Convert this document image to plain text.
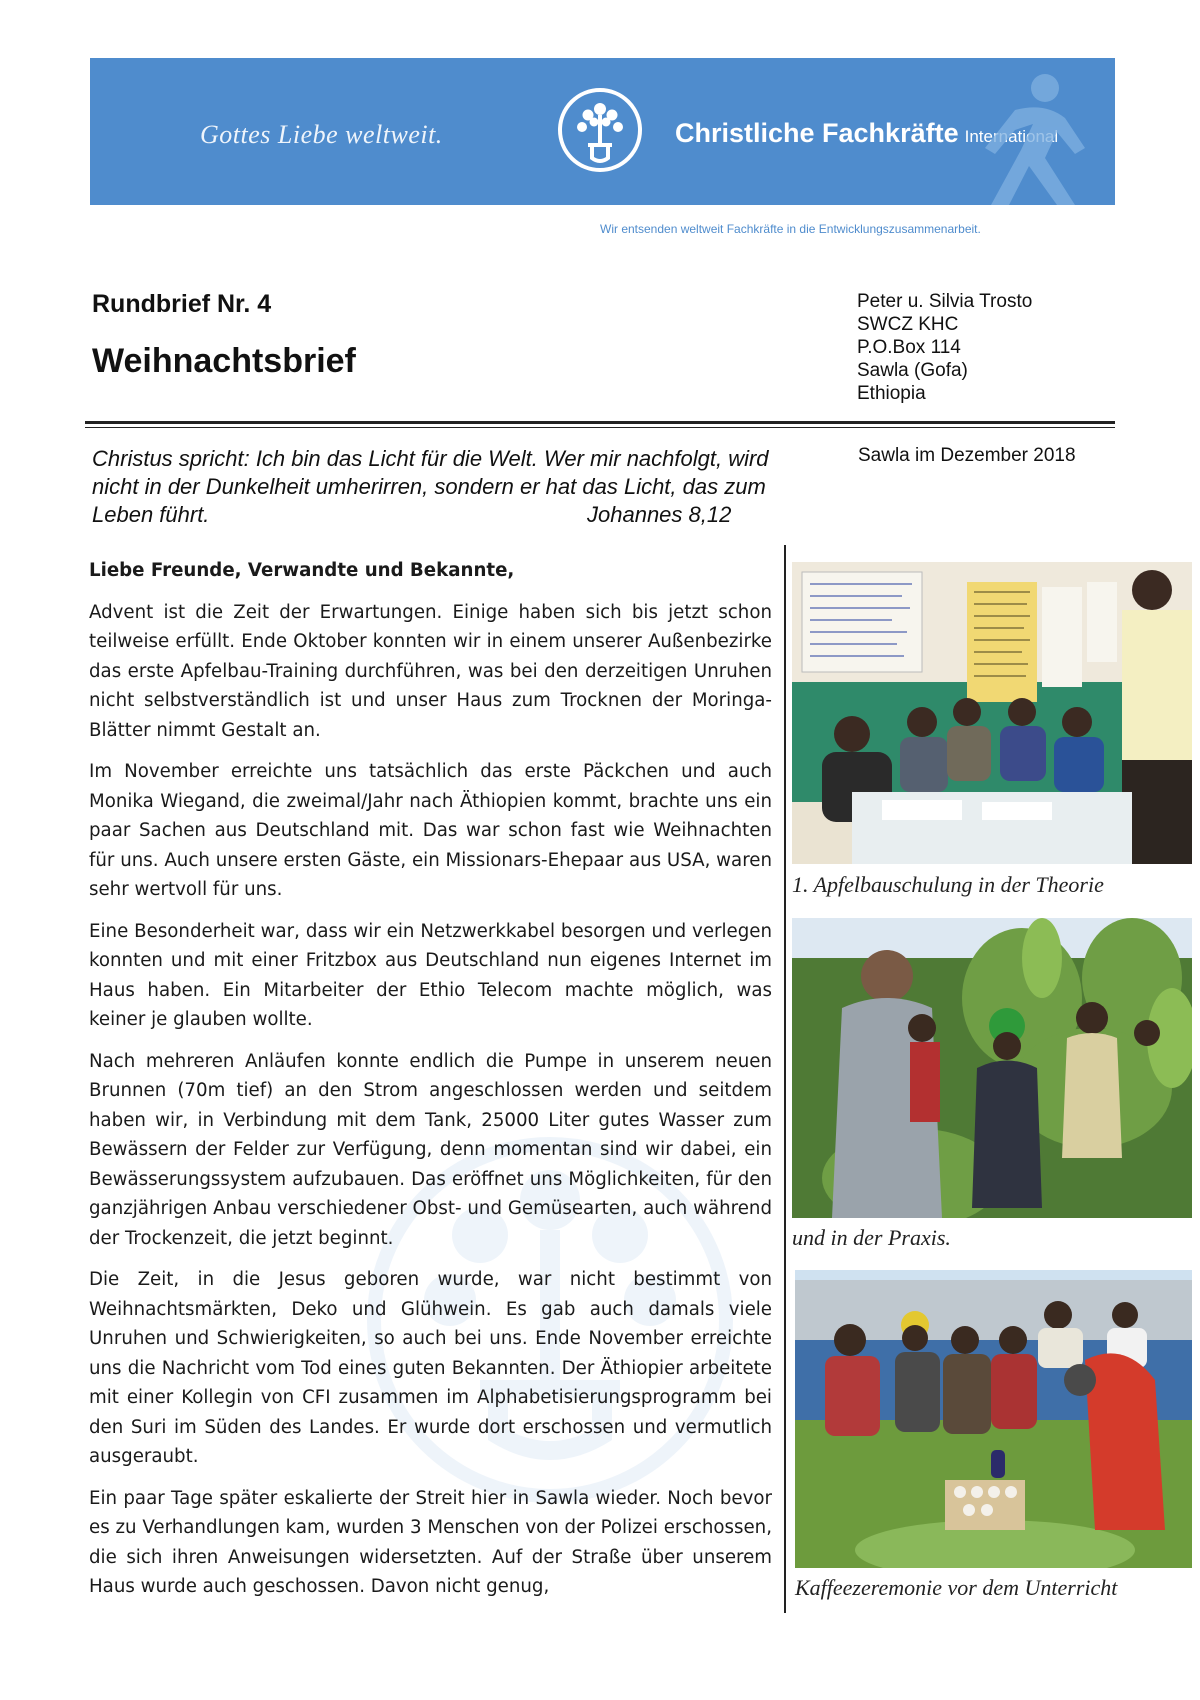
Gottes Liebe weltweit.	Christliche Fachkräfte International
Wir entsenden weltweit Fachkräfte in die Entwicklungszusammenarbeit.
Rundbrief Nr. 4
Weihnachtsbrief
Peter u. Silvia Trosto
SWCZ KHC
P.O.Box 114
Sawla (Gofa)
Ethiopia
Christus spricht: Ich bin das Licht für die Welt. Wer mir nachfolgt, wird nicht in der Dunkelheit umherirren, sondern er hat das Licht, das zum Leben führt.	Johannes 8,12
Sawla im Dezember 2018

Liebe Freunde, Verwandte und Bekannte,

Advent ist die Zeit der Erwartungen. Einige haben sich bis jetzt schon teilweise erfüllt. Ende Oktober konnten wir in einem unserer Außenbezirke das erste Apfelbau-Training durchführen, was bei den derzeitigen Unruhen nicht selbstverständlich ist und unser Haus zum Trocknen der Moringa-Blätter nimmt Gestalt an.

Im November erreichte uns tatsächlich das erste Päckchen und auch Monika Wiegand, die zweimal/Jahr nach Äthiopien kommt, brachte uns ein paar Sachen aus Deutschland mit. Das war schon fast wie Weihnachten für uns. Auch unsere ersten Gäste, ein Missionars-Ehepaar aus USA, waren sehr wertvoll für uns.

Eine Besonderheit war, dass wir ein Netzwerkkabel besorgen und verlegen konnten und mit einer Fritzbox aus Deutschland nun eigenes Internet im Haus haben. Ein Mitarbeiter der Ethio Telecom machte möglich, was keiner je glauben wollte.

Nach mehreren Anläufen konnte endlich die Pumpe in unserem neuen Brunnen (70m tief) an den Strom angeschlossen werden und seitdem haben wir, in Verbindung mit dem Tank, 25000 Liter gutes Wasser zum Bewässern der Felder zur Verfügung, denn momentan sind wir dabei, ein Bewässerungssystem aufzubauen. Das eröffnet uns Möglichkeiten, für den ganzjährigen Anbau verschiedener Obst- und Gemüsearten, auch während der Trockenzeit, die jetzt beginnt.

Die Zeit, in die Jesus geboren wurde, war nicht bestimmt von Weihnachtsmärkten, Deko und Glühwein. Es gab auch damals viele Unruhen und Schwierigkeiten, so auch bei uns. Ende November erreichte uns die Nachricht vom Tod eines guten Bekannten. Der Äthiopier arbeitete mit einer Kollegin von CFI zusammen im Alphabetisierungsprogramm bei den Suri im Süden des Landes. Er wurde dort erschossen und vermutlich ausgeraubt.

Ein paar Tage später eskalierte der Streit hier in Sawla wieder. Noch bevor es zu Verhandlungen kam, wurden 3 Menschen von der Polizei erschossen, die sich ihren Anweisungen widersetzten. Auf der Straße über unserem Haus wurde auch geschossen. Davon nicht genug,

1. Apfelbauschulung in der Theorie
und in der Praxis.
Kaffeezeremonie vor dem Unterricht
